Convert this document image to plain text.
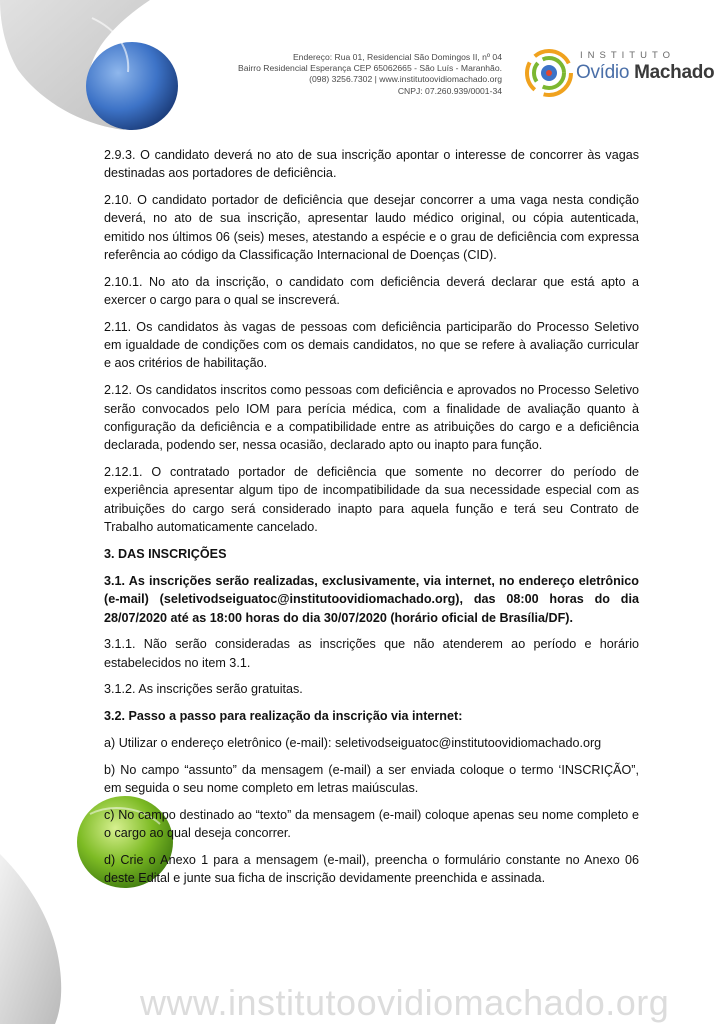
Endereço: Rua 01, Residencial São Domingos II, nº 04
Bairro Residencial Esperança CEP 65062665 - São Luís - Maranhão.
(098) 3256.7302 | www.institutoovidiomachado.org
CNPJ: 07.260.939/0001-34
INSTITUTO
Ovídio Machado

2.9.3. O candidato deverá no ato de sua inscrição apontar o interesse de concorrer às vagas destinadas aos portadores de deficiência.

2.10. O candidato portador de deficiência que desejar concorrer a uma vaga nesta condição deverá, no ato de sua inscrição, apresentar laudo médico original, ou cópia autenticada, emitido nos últimos 06 (seis) meses, atestando a espécie e o grau de deficiência com expressa referência ao código da Classificação Internacional de Doenças (CID).

2.10.1. No ato da inscrição, o candidato com deficiência deverá declarar que está apto a exercer o cargo para o qual se inscreverá.

2.11. Os candidatos às vagas de pessoas com deficiência participarão do Processo Seletivo em igualdade de condições com os demais candidatos, no que se refere à avaliação curricular e aos critérios de habilitação.

2.12. Os candidatos inscritos como pessoas com deficiência e aprovados no Processo Seletivo serão convocados pelo IOM para perícia médica, com a finalidade de avaliação quanto à configuração da deficiência e a compatibilidade entre as atribuições do cargo e a deficiência declarada, podendo ser, nessa ocasião, declarado apto ou inapto para função.

2.12.1. O contratado portador de deficiência que somente no decorrer do período de experiência apresentar algum tipo de incompatibilidade da sua necessidade especial com as atribuições do cargo será considerado inapto para aquela função e terá seu Contrato de Trabalho automaticamente cancelado.

3. DAS INSCRIÇÕES

3.1. As inscrições serão realizadas, exclusivamente, via internet, no endereço eletrônico (e-mail) (seletivodseiguatoc@institutoovidiomachado.org), das 08:00 horas do dia 28/07/2020 até as 18:00 horas do dia 30/07/2020 (horário oficial de Brasília/DF).

3.1.1. Não serão consideradas as inscrições que não atenderem ao período e horário estabelecidos no item 3.1.

3.1.2. As inscrições serão gratuitas.

3.2. Passo a passo para realização da inscrição via internet:

a) Utilizar o endereço eletrônico (e-mail): seletivodseiguatoc@institutoovidiomachado.org

b) No campo “assunto” da mensagem (e-mail) a ser enviada coloque o termo ‘INSCRIÇÃO”, em seguida o seu nome completo em letras maiúsculas.

c) No campo destinado ao “texto” da mensagem (e-mail) coloque apenas seu nome completo e o cargo ao qual deseja concorrer.

d) Crie o Anexo 1 para a mensagem (e-mail), preencha o formulário constante no Anexo 06 deste Edital e junte sua ficha de inscrição devidamente preenchida e assinada.

www.institutoovidiomachado.org
